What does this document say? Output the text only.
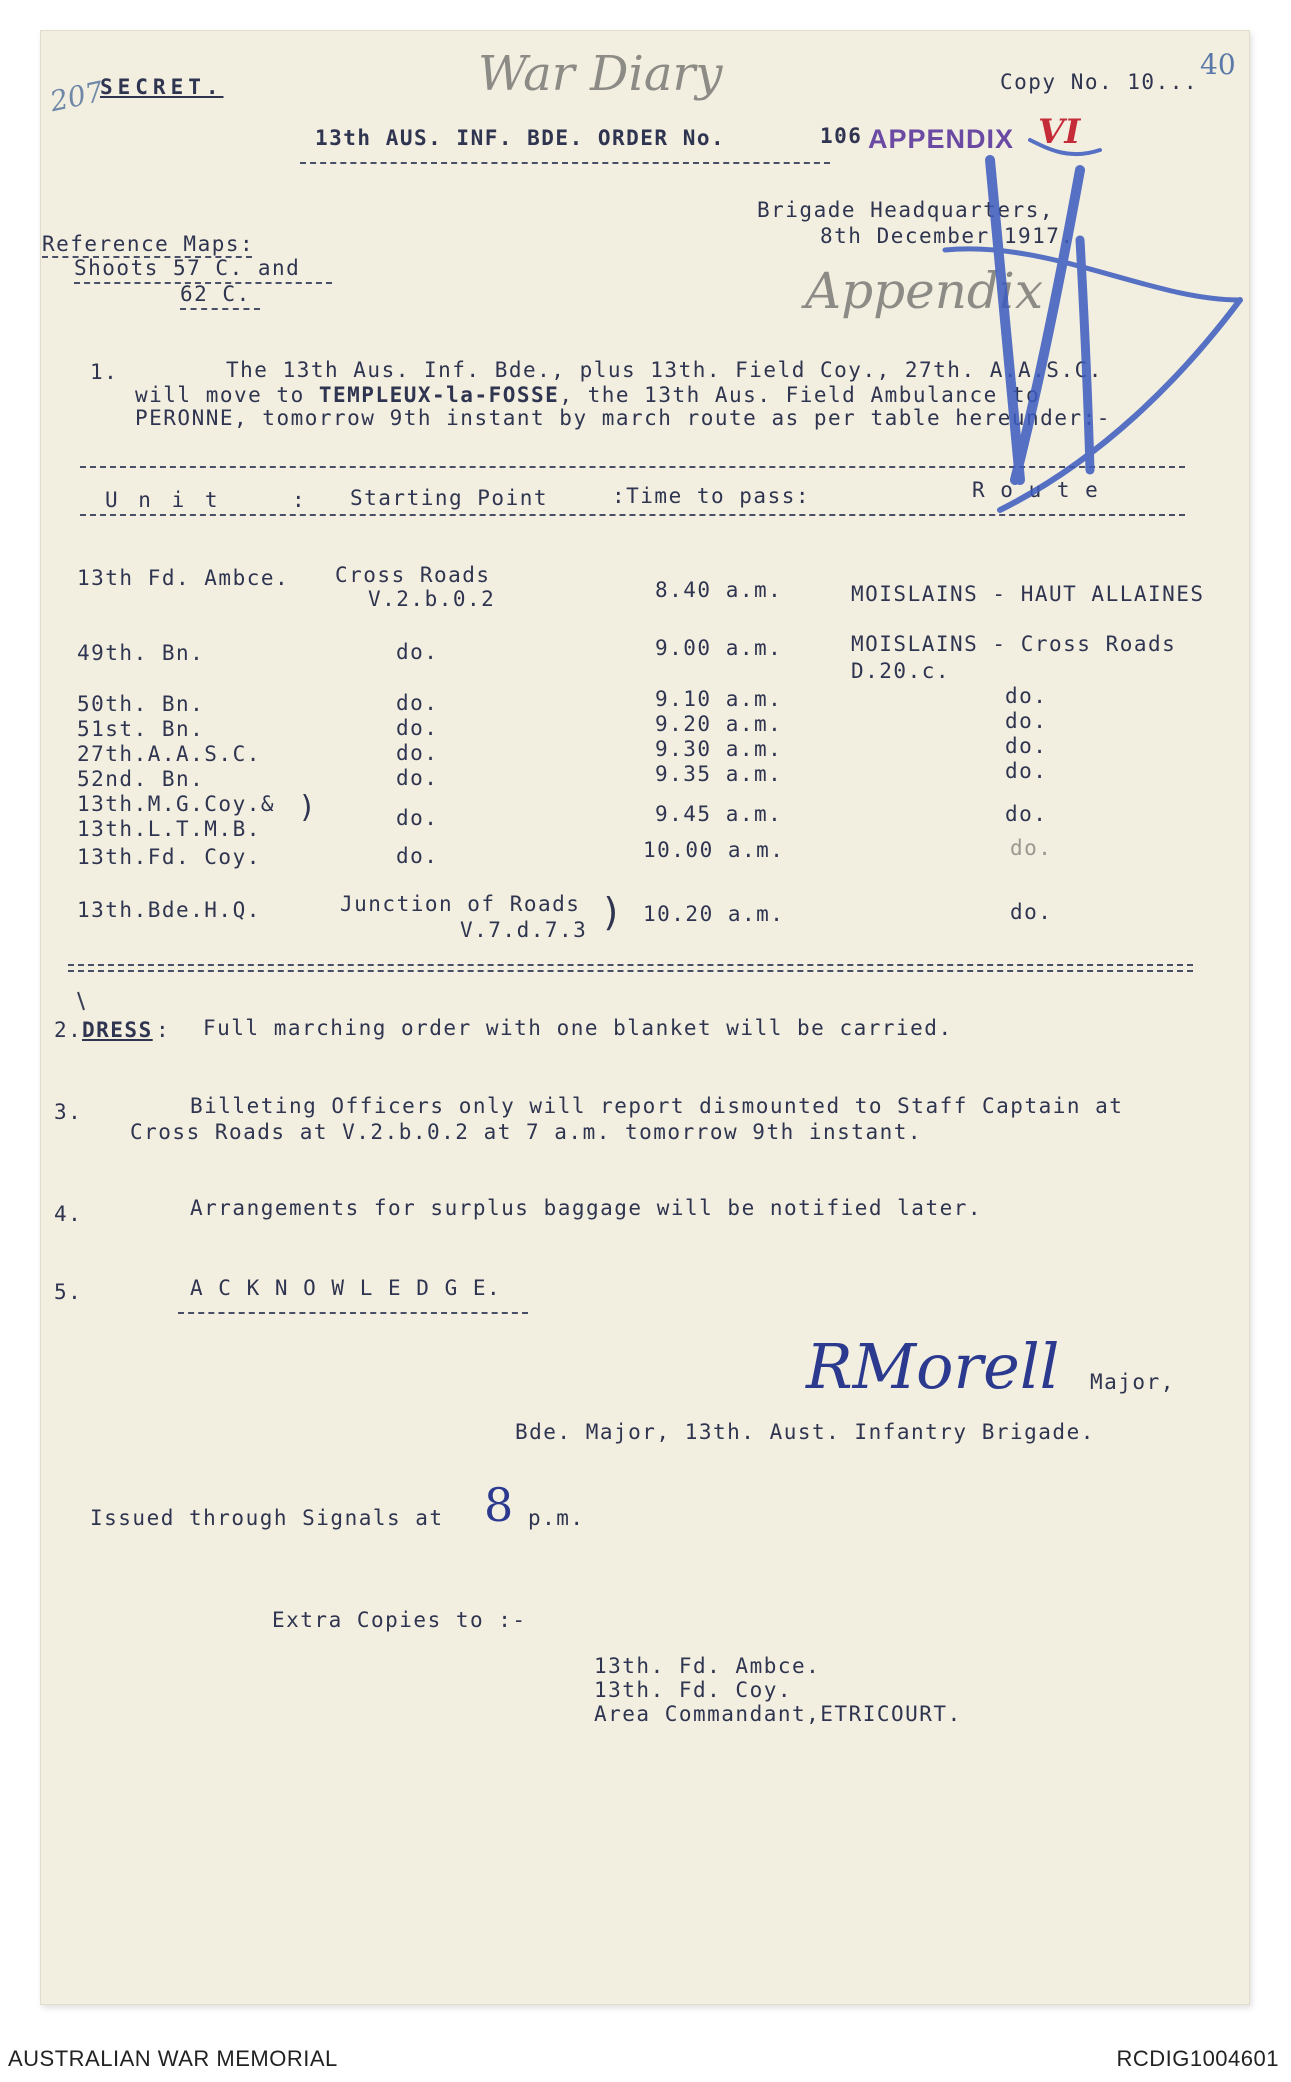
207
SECRET.	War Diary	Copy No. 10...
40
13th AUS. INF. BDE. ORDER No.	106 APPENDIX VI
Brigade Headquarters,
8th December 1917.
Appendix
Reference Maps:
Shoots 57 C. and
62 C.
1.	The 13th Aus. Inf. Bde., plus 13th. Field Coy., 27th. A.A.S.C.
will move to TEMPLEUX-la-FOSSE, the 13th Aus. Field Ambulance to
PERONNE, tomorrow 9th instant by march route as per table hereunder:-
U n i t	: Starting Point	:Time to pass:	R o u t e
13th Fd. Ambce. Cross Roads
V.2.b.0.2	8.40 a.m.	MOISLAINS - HAUT ALLAINES
49th. Bn.	do.	9.00 a.m.	MOISLAINS - Cross Roads
D.20.c.
50th. Bn.	do.	9.10 a.m.	do.
51st. Bn.	do.	9.20 a.m.	do.
27th.A.A.S.C.	do.	9.30 a.m.	do.
52nd. Bn.	do.	9.35 a.m.	do.
13th.M.G.Coy.&
13th.L.T.M.B.
)	do.	9.45 a.m.	do.
13th.Fd. Coy.	do.	10.00 a.m.	do.
13th.Bde.H.Q.	Junction of Roads
V.7.d.7.3 ) 10.20 a.m.	do.
2. DRESS : Full marching order with one blanket will be carried.
3.	Billeting Officers only will report dismounted to Staff Captain at
Cross Roads at V.2.b.0.2 at 7 a.m. tomorrow 9th instant.
4.	Arrangements for surplus baggage will be notified later.
5.	A C K N O W L E D G E.
RMorell Major,
Bde. Major, 13th. Aust. Infantry Brigade.
Issued through Signals at 8 p.m.
Extra Copies to :-
13th. Fd. Ambce.
13th. Fd. Coy.
Area Commandant,ETRICOURT.
AUSTRALIAN WAR MEMORIAL	RCDIG1004601
